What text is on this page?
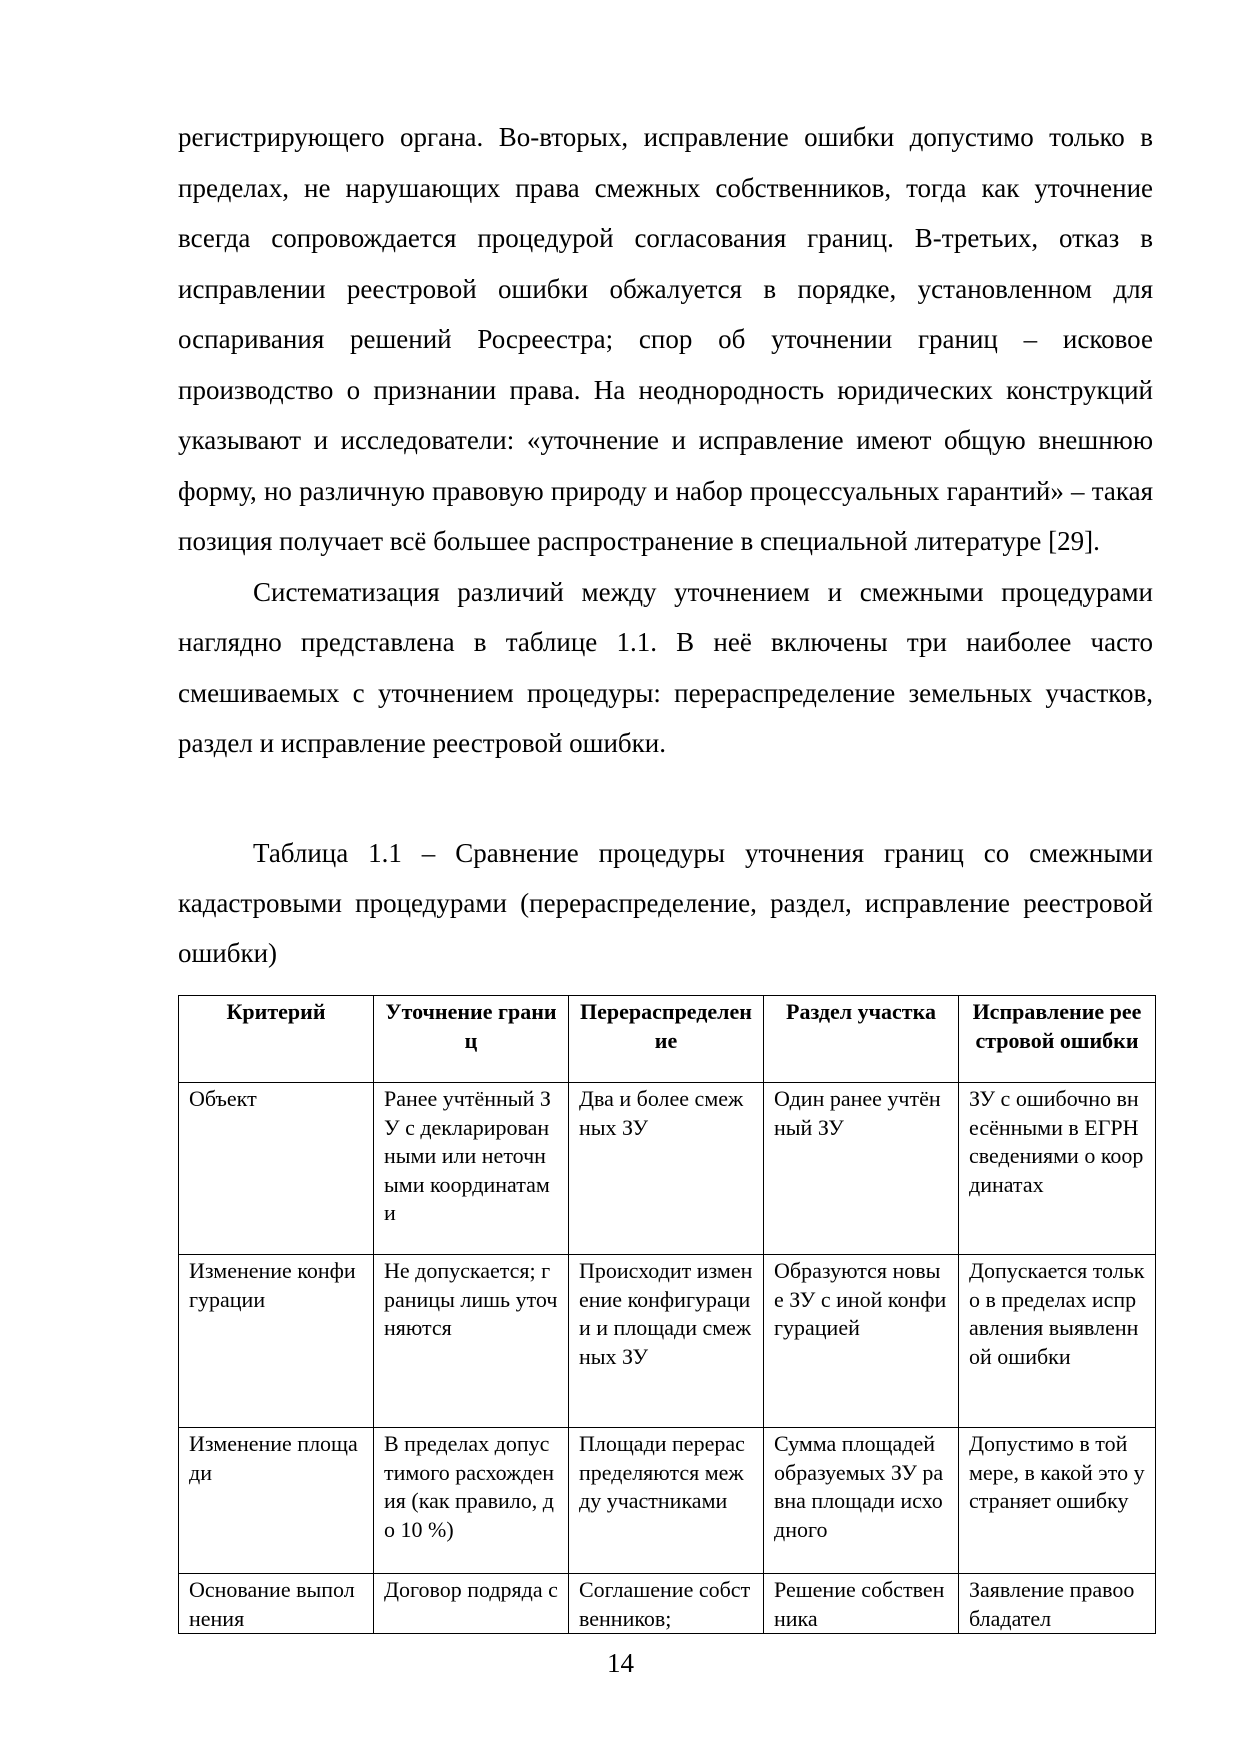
регистрирующего органа. Во-вторых, исправление ошибки допустимо только в пределах, не нарушающих права смежных собственников, тогда как уточнение всегда сопровождается процедурой согласования границ. В-третьих, отказ в исправлении реестровой ошибки обжалуется в порядке, установленном для оспаривания решений Росреестра; спор об уточнении границ – исковое производство о признании права. На неоднородность юридических конструкций указывают и исследователи: «уточнение и исправление имеют общую внешнюю форму, но различную правовую природу и набор процессуальных гарантий» – такая позиция получает всё большее распространение в специальной литературе [29].

Систематизация различий между уточнением и смежными процедурами наглядно представлена в таблице 1.1. В неё включены три наиболее часто смешиваемых с уточнением процедуры: перераспределение земельных участков, раздел и исправление реестровой ошибки.

Таблица 1.1 – Сравнение процедуры уточнения границ со смежными кадастровыми процедурами (перераспределение, раздел, исправление реестровой ошибки)

Критерий	Уточнение границ	Перераспределение	Раздел участка	Исправление реестровой ошибки
Объект	Ранее учтённый ЗУ с декларированными или неточными координатами	Два и более смежных ЗУ	Один ранее учтённый ЗУ	ЗУ с ошибочно внесёнными в ЕГРН сведениями о координатах
Изменение конфигурации	Не допускается; границы лишь уточняются	Происходит изменение конфигурации и площади смежных ЗУ	Образуются новые ЗУ с иной конфигурацией	Допускается только в пределах исправления выявленной ошибки
Изменение площади	В пределах допустимого расхождения (как правило, до 10 %)	Площади перераспределяются между участниками	Сумма площадей образуемых ЗУ равна площади исходного	Допустимо в той мере, в какой это устраняет ошибку
Основание выполнения	Договор подряда с	Соглашение собственников;	Решение собственника	Заявление правообладател
14
